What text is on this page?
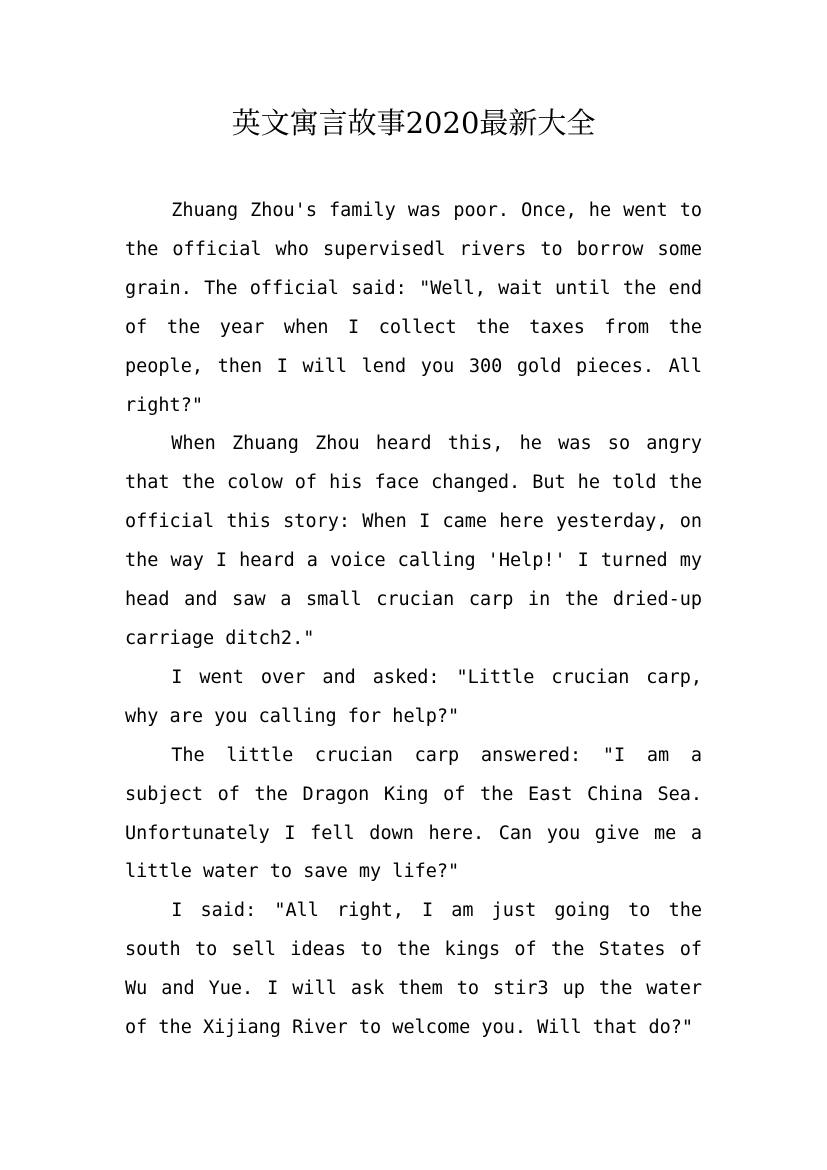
英文寓言故事2020最新大全

Zhuang Zhou's family was poor. Once, he went to the official who supervisedl rivers to borrow some grain. The official said: "Well, wait until the end of the year when I collect the taxes from the people, then I will lend you 300 gold pieces. All right?"

When Zhuang Zhou heard this, he was so angry that the colow of his face changed. But he told the official this story: When I came here yesterday, on the way I heard a voice calling 'Help!' I turned my head and saw a small crucian carp in the dried-up carriage ditch2."

I went over and asked: "Little crucian carp, why are you calling for help?"

The little crucian carp answered: "I am a subject of the Dragon King of the East China Sea. Unfortunately I fell down here. Can you give me a little water to save my life?"

I said: "All right, I am just going to the south to sell ideas to the kings of the States of Wu and Yue. I will ask them to stir3 up the water of the Xijiang River to welcome you. Will that do?"
